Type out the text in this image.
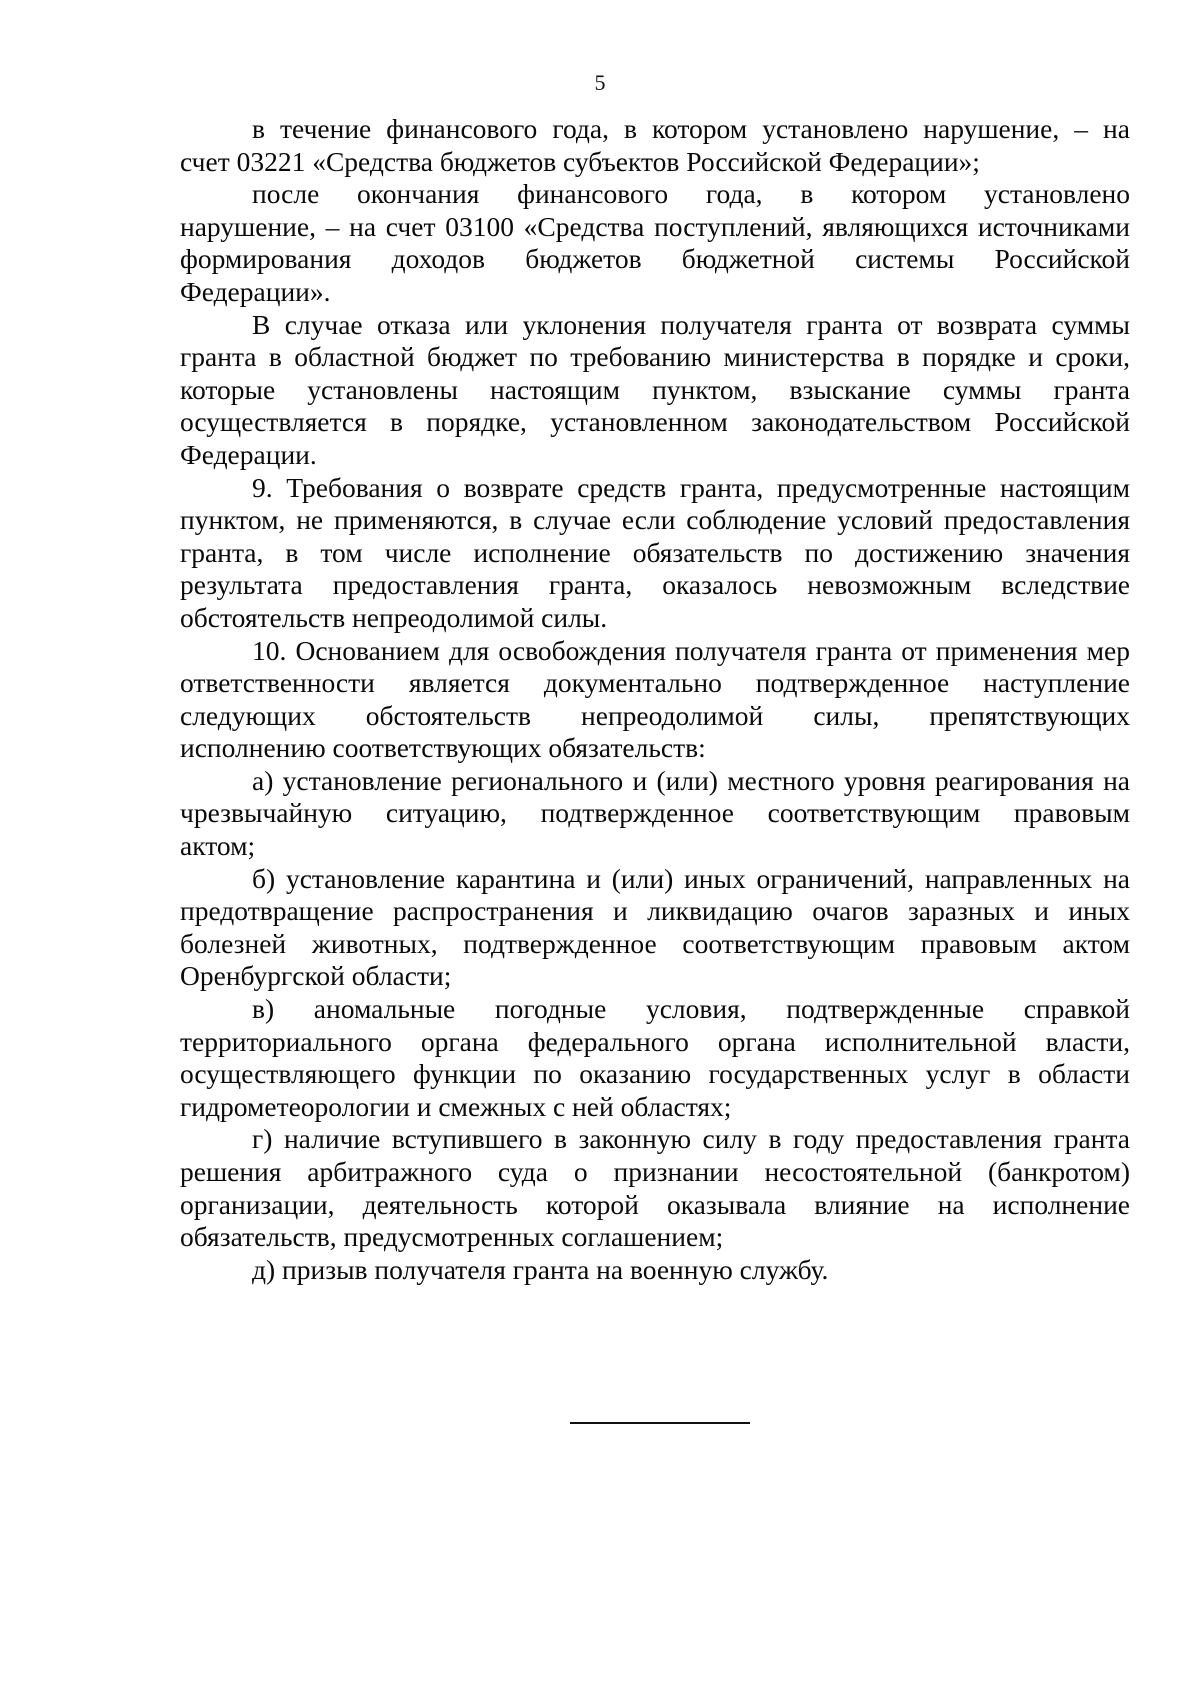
5
в течение финансового года, в котором установлено нарушение, – на
счет 03221 «Средства бюджетов субъектов Российской Федерации»;
после окончания финансового года, в котором установлено
нарушение, – на счет 03100 «Средства поступлений, являющихся источниками
формирования доходов бюджетов бюджетной системы Российской
Федерации».
В случае отказа или уклонения получателя гранта от возврата суммы
гранта в областной бюджет по требованию министерства в порядке и сроки,
которые установлены настоящим пунктом, взыскание суммы гранта
осуществляется в порядке, установленном законодательством Российской
Федерации.
9. Требования о возврате средств гранта, предусмотренные настоящим
пунктом, не применяются, в случае если соблюдение условий предоставления
гранта, в том числе исполнение обязательств по достижению значения
результата предоставления гранта, оказалось невозможным вследствие
обстоятельств непреодолимой силы.
10. Основанием для освобождения получателя гранта от применения мер
ответственности является документально подтвержденное наступление
следующих обстоятельств непреодолимой силы, препятствующих
исполнению соответствующих обязательств:
а) установление регионального и (или) местного уровня реагирования на
чрезвычайную ситуацию, подтвержденное соответствующим правовым
актом;
б) установление карантина и (или) иных ограничений, направленных на
предотвращение распространения и ликвидацию очагов заразных и иных
болезней животных, подтвержденное соответствующим правовым актом
Оренбургской области;
в) аномальные погодные условия, подтвержденные справкой
территориального органа федерального органа исполнительной власти,
осуществляющего функции по оказанию государственных услуг в области
гидрометеорологии и смежных с ней областях;
г) наличие вступившего в законную силу в году предоставления гранта
решения арбитражного суда о признании несостоятельной (банкротом)
организации, деятельность которой оказывала влияние на исполнение
обязательств, предусмотренных соглашением;
д) призыв получателя гранта на военную службу.
